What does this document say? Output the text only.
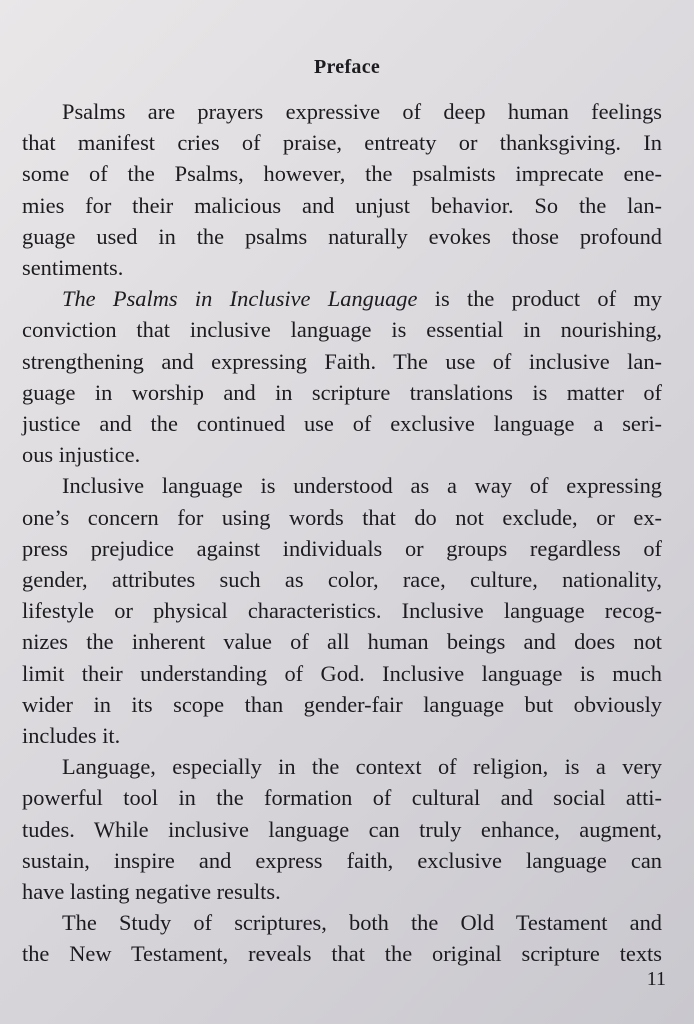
Preface

Psalms are prayers expressive of deep human feelings
that manifest cries of praise, entreaty or thanksgiving. In
some of the Psalms, however, the psalmists imprecate ene-
mies for their malicious and unjust behavior. So the lan-
guage used in the psalms naturally evokes those profound
sentiments.

The Psalms in Inclusive Language is the product of my
conviction that inclusive language is essential in nourishing,
strengthening and expressing Faith. The use of inclusive lan-
guage in worship and in scripture translations is matter of
justice and the continued use of exclusive language a seri-
ous injustice.

Inclusive language is understood as a way of expressing
one’s concern for using words that do not exclude, or ex-
press prejudice against individuals or groups regardless of
gender, attributes such as color, race, culture, nationality,
lifestyle or physical characteristics. Inclusive language recog-
nizes the inherent value of all human beings and does not
limit their understanding of God. Inclusive language is much
wider in its scope than gender-fair language but obviously
includes it.

Language, especially in the context of religion, is a very
powerful tool in the formation of cultural and social atti-
tudes. While inclusive language can truly enhance, augment,
sustain, inspire and express faith, exclusive language can
have lasting negative results.

The Study of scriptures, both the Old Testament and
the New Testament, reveals that the original scripture texts

11
